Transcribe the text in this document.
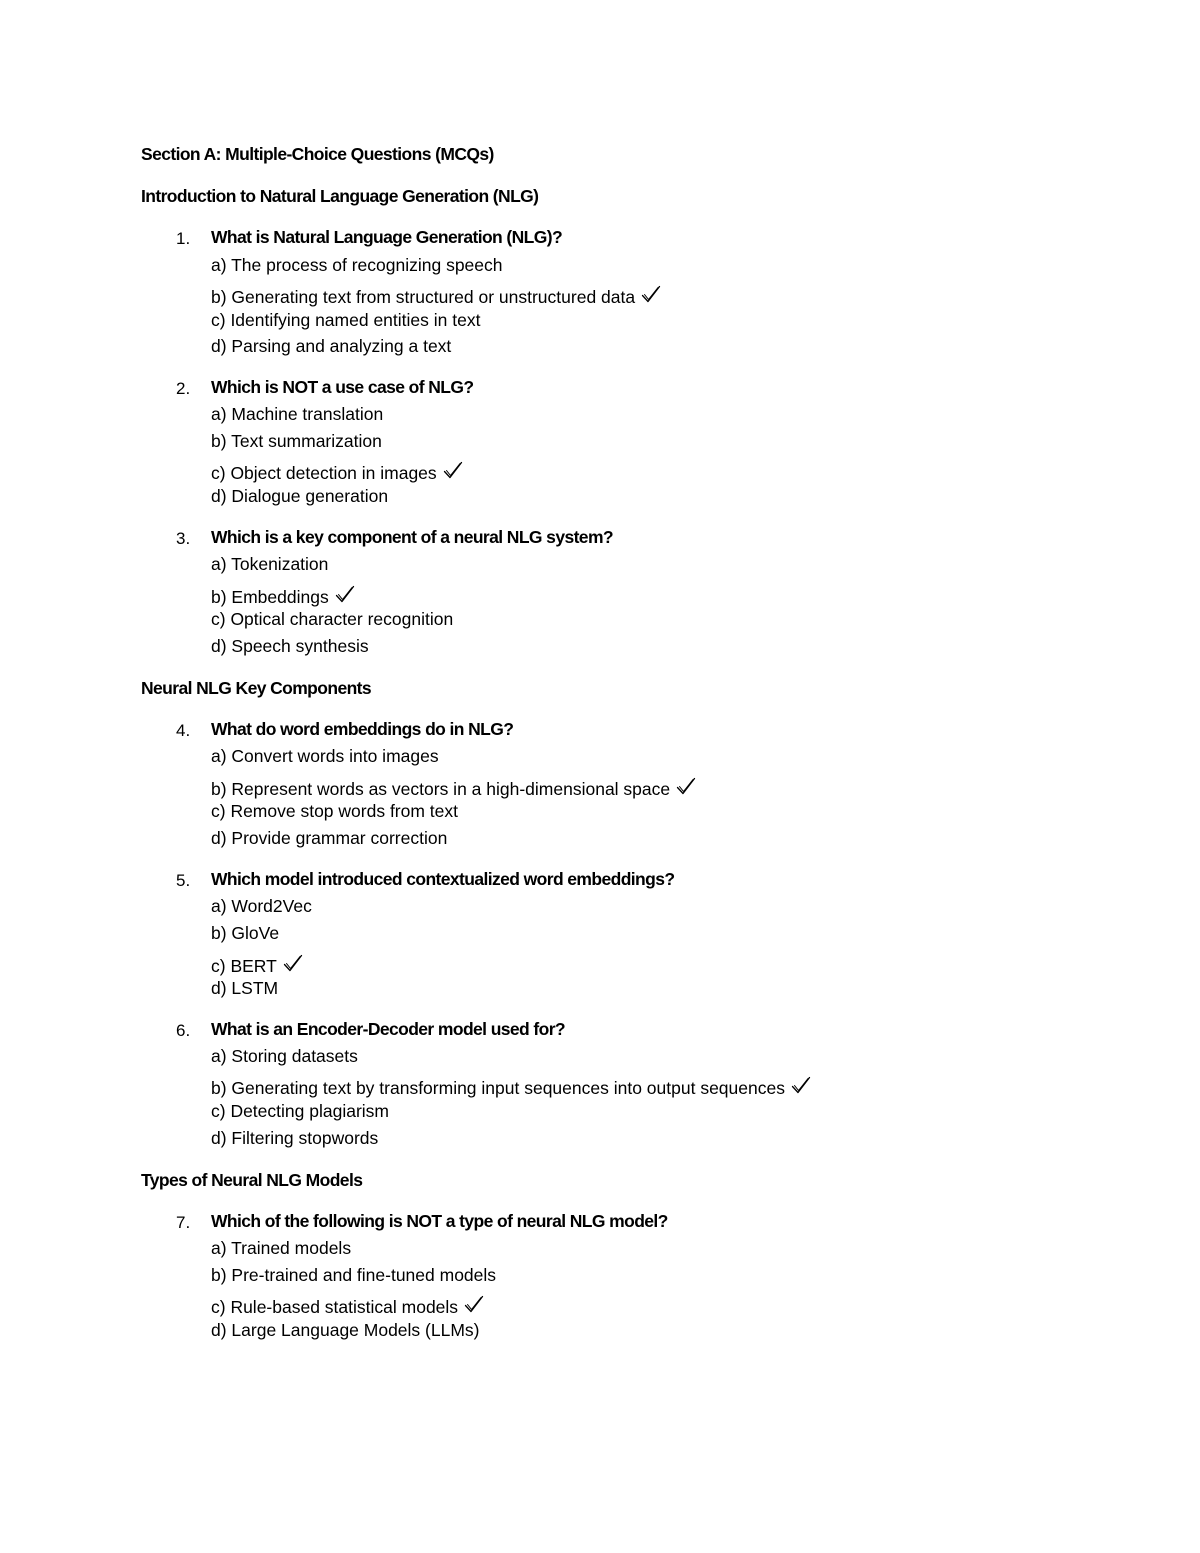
Section A: Multiple-Choice Questions (MCQs)
Introduction to Natural Language Generation (NLG)
1. What is Natural Language Generation (NLG)?
a) The process of recognizing speech
b) Generating text from structured or unstructured data
c) Identifying named entities in text
d) Parsing and analyzing a text
2. Which is NOT a use case of NLG?
a) Machine translation
b) Text summarization
c) Object detection in images
d) Dialogue generation
3. Which is a key component of a neural NLG system?
a) Tokenization
b) Embeddings
c) Optical character recognition
d) Speech synthesis
Neural NLG Key Components
4. What do word embeddings do in NLG?
a) Convert words into images
b) Represent words as vectors in a high-dimensional space
c) Remove stop words from text
d) Provide grammar correction
5. Which model introduced contextualized word embeddings?
a) Word2Vec
b) GloVe
c) BERT
d) LSTM
6. What is an Encoder-Decoder model used for?
a) Storing datasets
b) Generating text by transforming input sequences into output sequences
c) Detecting plagiarism
d) Filtering stopwords
Types of Neural NLG Models
7. Which of the following is NOT a type of neural NLG model?
a) Trained models
b) Pre-trained and fine-tuned models
c) Rule-based statistical models
d) Large Language Models (LLMs)
